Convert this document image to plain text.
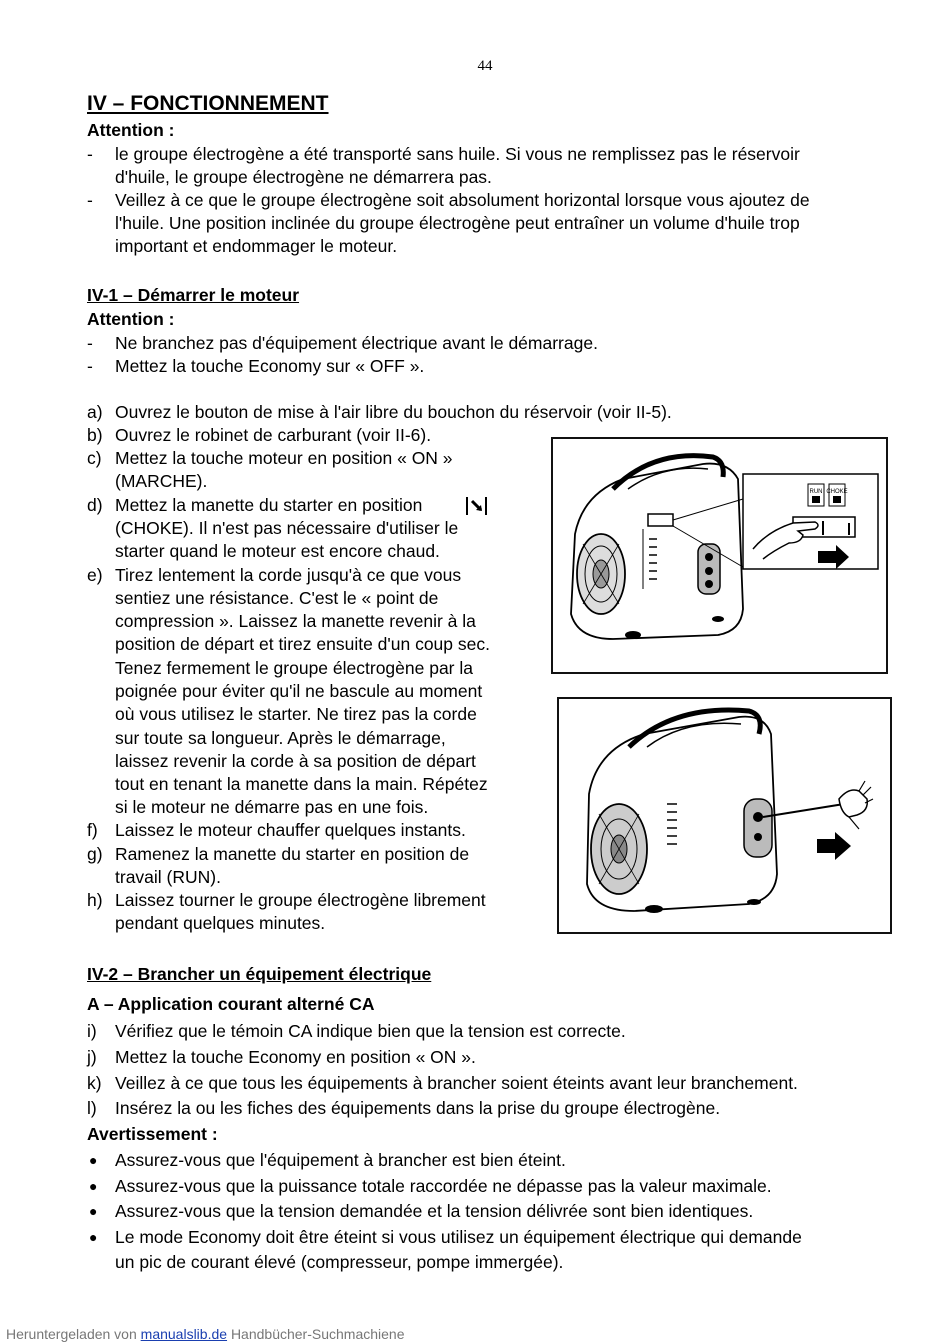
44
IV – FONCTIONNEMENT
Attention :
-	le groupe électrogène a été transporté sans huile. Si vous ne remplissez pas le réservoir
d'huile, le groupe électrogène ne démarrera pas.
-	Veillez à ce que le groupe électrogène soit absolument horizontal lorsque vous ajoutez de
l'huile. Une position inclinée du groupe électrogène peut entraîner un volume d'huile trop
important et endommager le moteur.
IV-1 – Démarrer le moteur
Attention :
-	Ne branchez pas d'équipement électrique avant le démarrage.
-	Mettez la touche Economy sur « OFF ».
a) Ouvrez le bouton de mise à l'air libre du bouchon du réservoir (voir II-5).
b) Ouvrez le robinet de carburant (voir II-6).
c) Mettez la touche moteur en position « ON »
(MARCHE).
d) Mettez la manette du starter en position
(CHOKE). Il n'est pas nécessaire d'utiliser le
starter quand le moteur est encore chaud.
e) Tirez lentement la corde jusqu'à ce que vous
sentiez une résistance. C'est le « point de
compression ». Laissez la manette revenir à la
position de départ et tirez ensuite d'un coup sec.
Tenez fermement le groupe électrogène par la
poignée pour éviter qu'il ne bascule au moment
où vous utilisez le starter. Ne tirez pas la corde
sur toute sa longueur. Après le démarrage,
laissez revenir la corde à sa position de départ
tout en tenant la manette dans la main. Répétez
si le moteur ne démarre pas en une fois.
f) Laissez le moteur chauffer quelques instants.
g) Ramenez la manette du starter en position de
travail (RUN).
h) Laissez tourner le groupe électrogène librement
pendant quelques minutes.
RUN CHOKE
IV-2 – Brancher un équipement électrique
A – Application courant alterné CA
i)	Vérifiez que le témoin CA indique bien que la tension est correcte.
j)	Mettez la touche Economy en position « ON ».
k) Veillez à ce que tous les équipements à brancher soient éteints avant leur branchement.
l)	Insérez la ou les fiches des équipements dans la prise du groupe électrogène.
Avertissement :
●	Assurez-vous que l'équipement à brancher est bien éteint.
●	Assurez-vous que la puissance totale raccordée ne dépasse pas la valeur maximale.
●	Assurez-vous que la tension demandée et la tension délivrée sont bien identiques.
●	Le mode Economy doit être éteint si vous utilisez un équipement électrique qui demande
un pic de courant élevé (compresseur, pompe immergée).
Heruntergeladen von manualslib.de Handbücher-Suchmachiene
